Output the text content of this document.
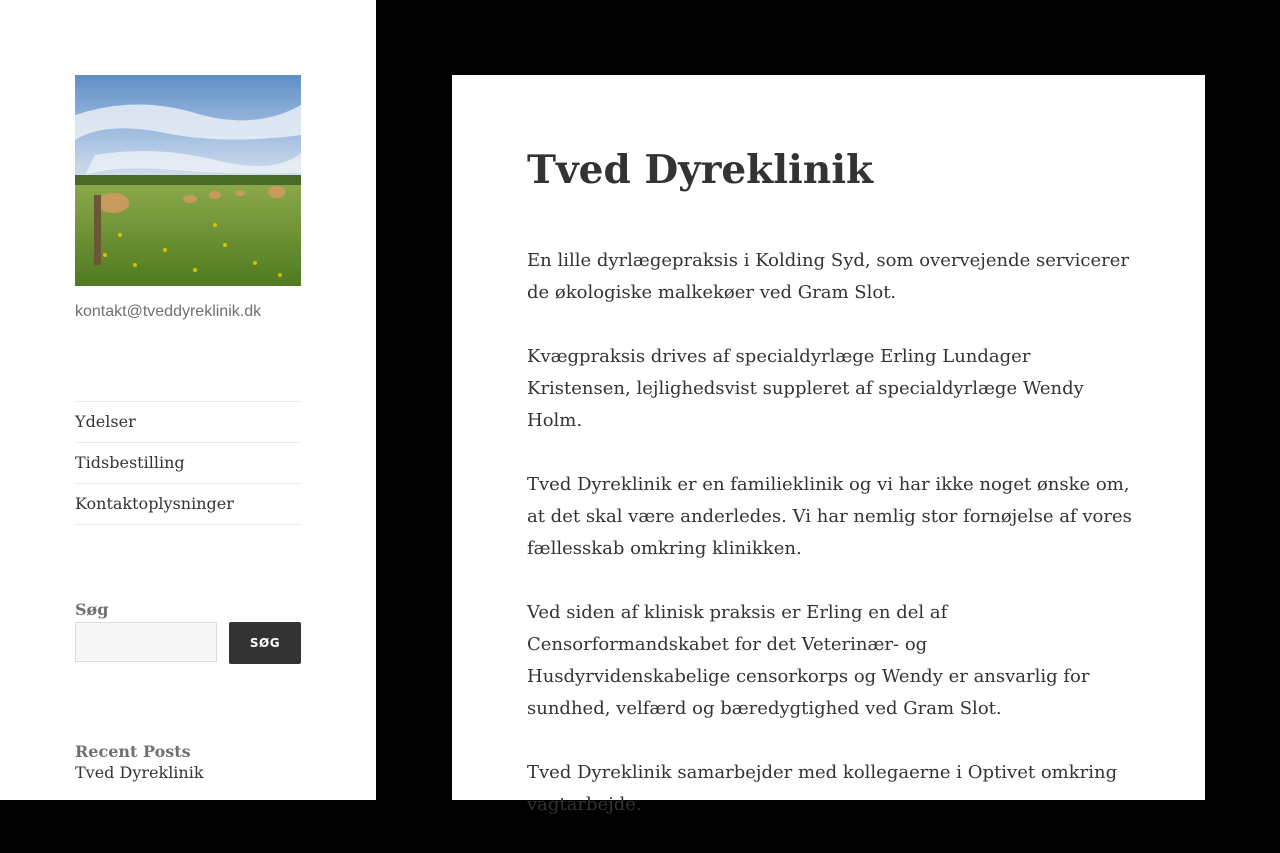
kontakt@tveddyreklinik.dk
Ydelser
Tidsbestilling
Kontaktoplysninger
Søg
SØG
Recent Posts
Tved Dyreklinik
Tved Dyreklinik

En lille dyrlægepraksis i Kolding Syd, som overvejende servicerer de økologiske malkekøer ved Gram Slot.

Kvægpraksis drives af specialdyrlæge Erling Lundager Kristensen, lejlighedsvist suppleret af specialdyrlæge Wendy Holm.

Tved Dyreklinik er en familieklinik og vi har ikke noget ønske om, at det skal være anderledes. Vi har nemlig stor fornøjelse af vores fællesskab omkring klinikken.

Ved siden af klinisk praksis er Erling en del af Censorformandskabet for det Veterinær- og Husdyrvidenskabelige censorkorps og Wendy er ansvarlig for sundhed, velfærd og bæredygtighed ved Gram Slot.

Tved Dyreklinik samarbejder med kollegaerne i Optivet omkring vagtarbejde.
